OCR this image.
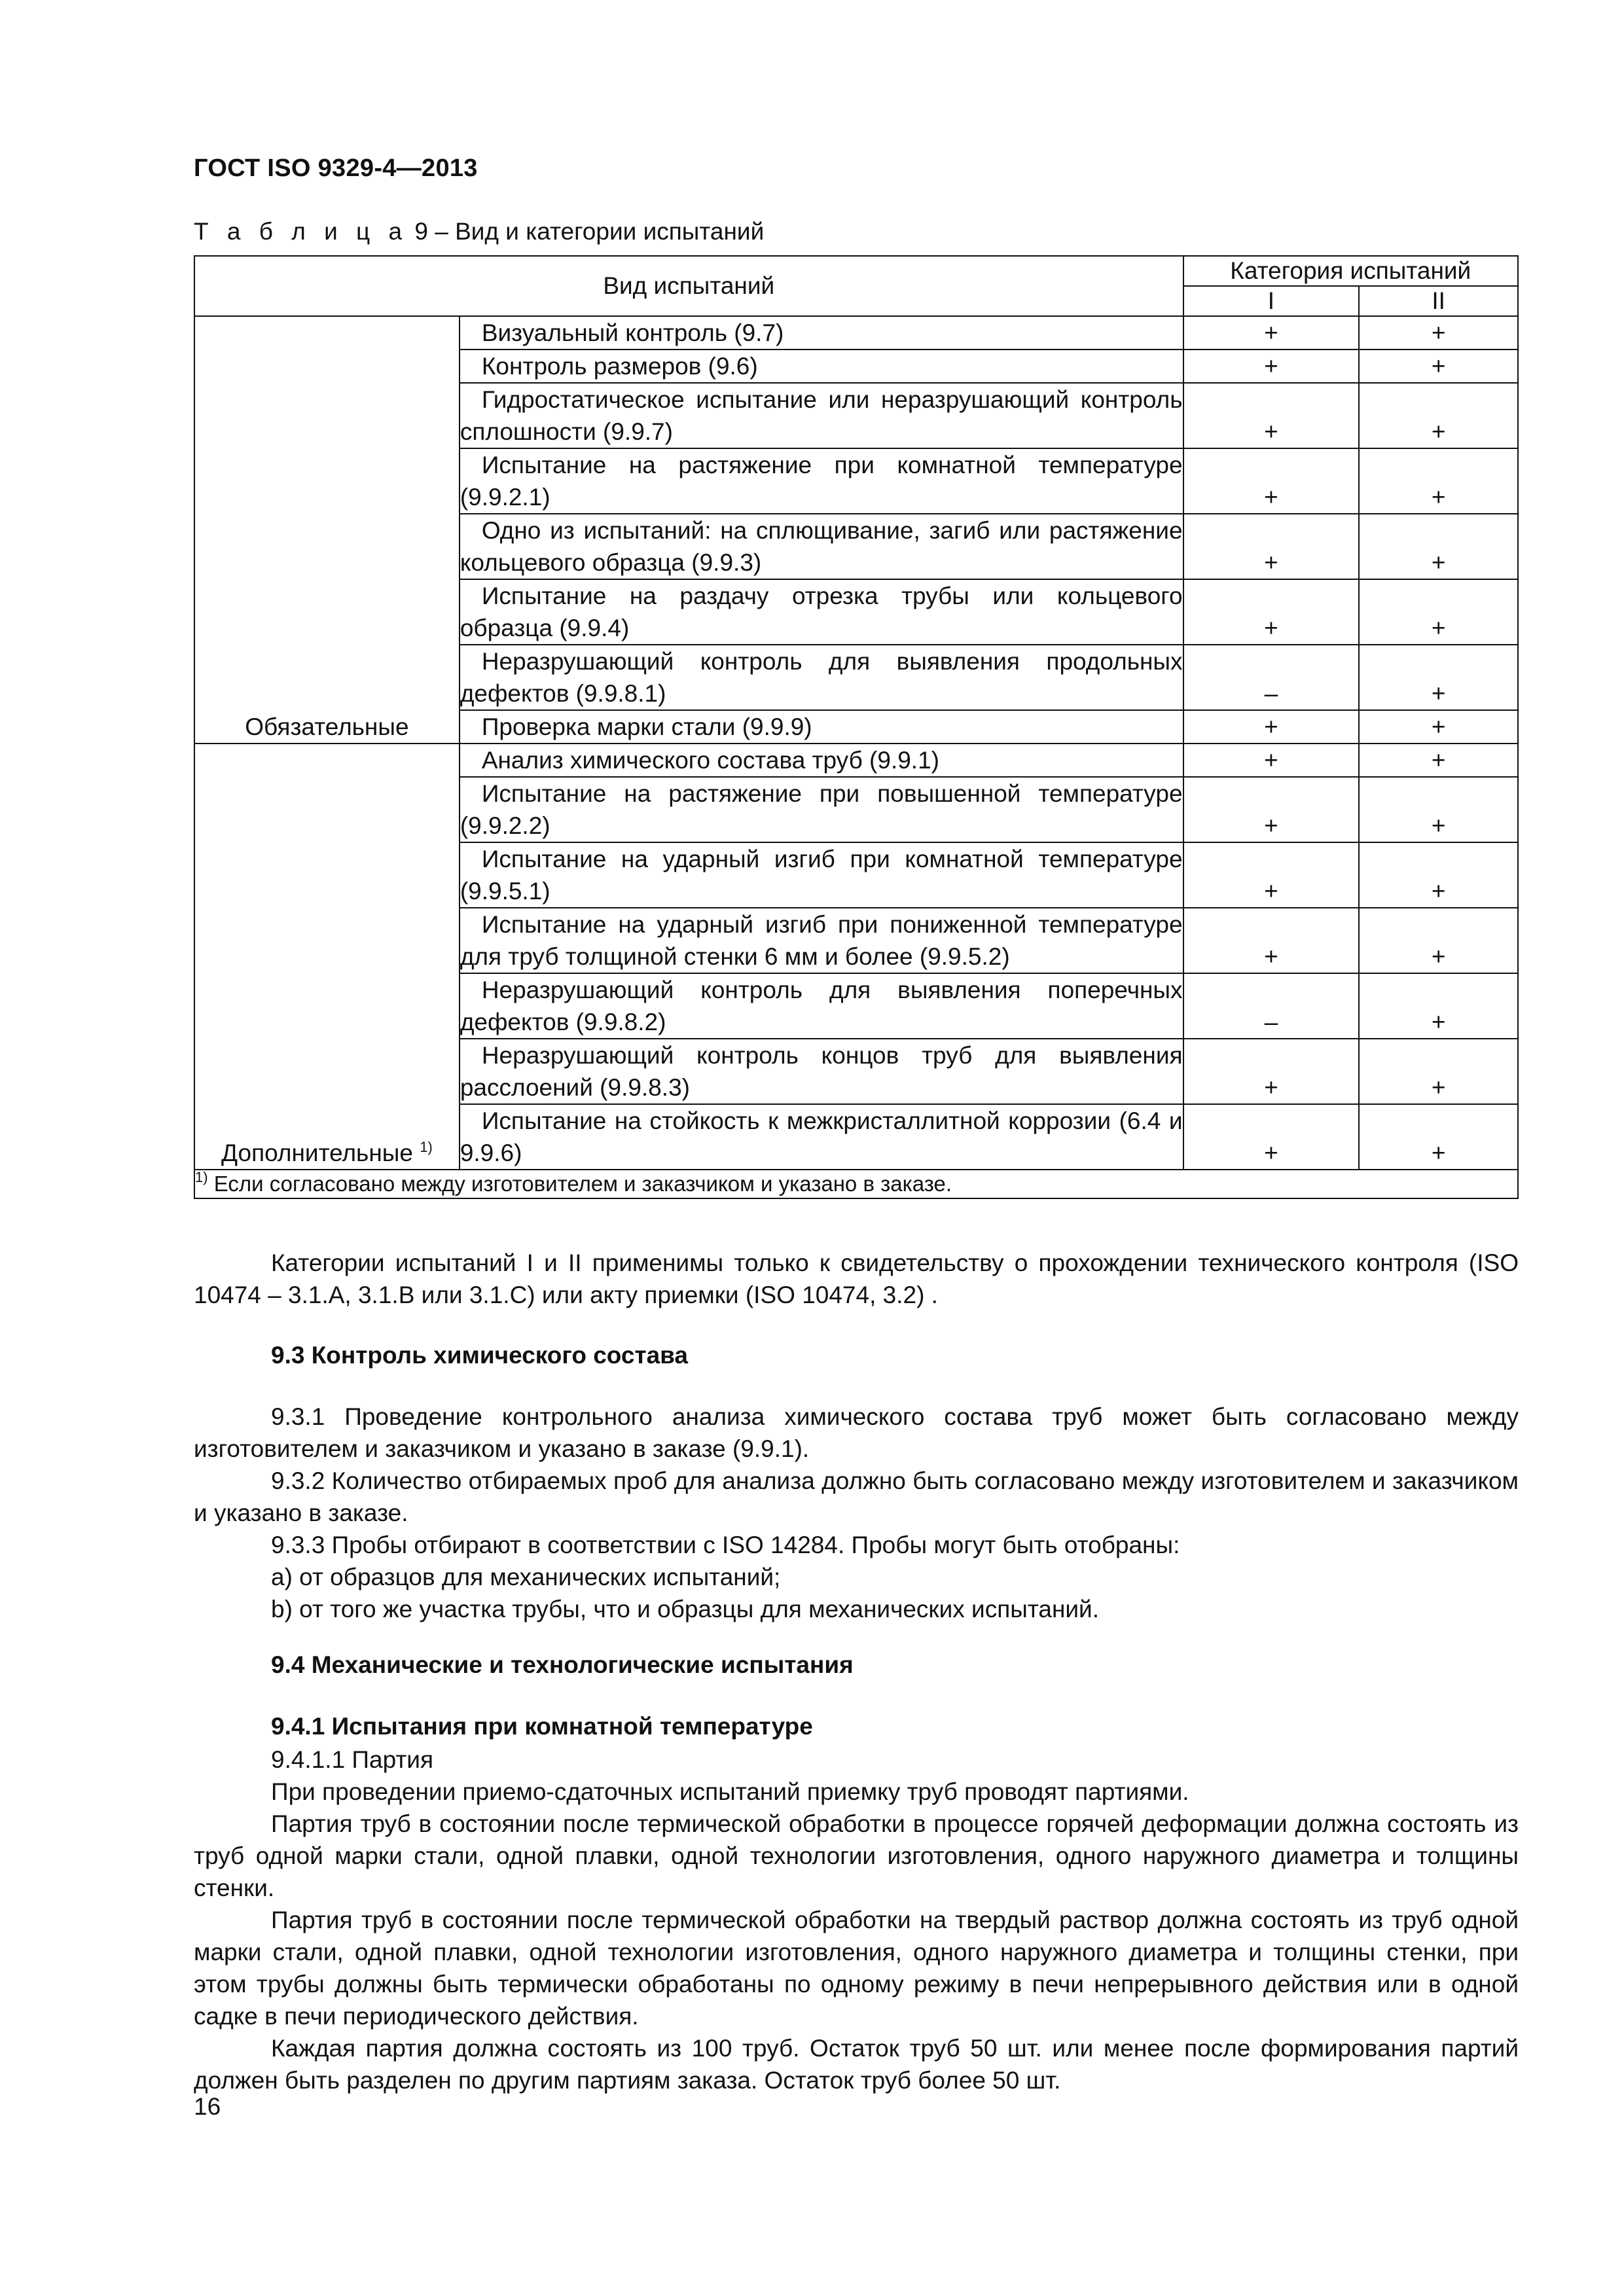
ГОСТ ISO 9329-4—2013
Т а б л и ц а 9 – Вид и категории испытаний
Вид испытаний		Категория испытаний	
		I	II
Обязательные	Визуальный контроль (9.7)	+	+
	Контроль размеров (9.6)	+	+
	Гидростатическое испытание или неразрушающий контроль сплошности (9.9.7)	+	+
	Испытание на растяжение при комнатной температуре (9.9.2.1)	+	+
	Одно из испытаний: на сплющивание, загиб или растяжение кольцевого образца (9.9.3)	+	+
	Испытание на раздачу отрезка трубы или кольцевого образца (9.9.4)	+	+
	Неразрушающий контроль для выявления продольных дефектов (9.9.8.1)	–	+
	Проверка марки стали (9.9.9)	+	+
Дополнительные $^{1)}$	Анализ химического состава труб (9.9.1)	+	+
	Испытание на растяжение при повышенной температуре (9.9.2.2)	+	+
	Испытание на ударный изгиб при комнатной температуре (9.9.5.1)	+	+
	Испытание на ударный изгиб при пониженной температуре для труб толщиной стенки 6 мм и более (9.9.5.2)	+	+
	Неразрушающий контроль для выявления поперечных дефектов (9.9.8.2)	–	+
	Неразрушающий контроль концов труб для выявления расслоений (9.9.8.3)	+	+
	Испытание на стойкость к межкристаллитной коррозии (6.4 и 9.9.6)	+	+
$^{1)}$ Если согласовано между изготовителем и заказчиком и указано в заказе.			
Категории испытаний I и II применимы только к свидетельству о прохождении технического контроля (ISO 10474 – 3.1.A, 3.1.B или 3.1.C) или акту приемки (ISO 10474, 3.2) .
9.3 Контроль химического состава
9.3.1 Проведение контрольного анализа химического состава труб может быть согласовано между изготовителем и заказчиком и указано в заказе (9.9.1).
9.3.2 Количество отбираемых проб для анализа должно быть согласовано между изготовителем и заказчиком и указано в заказе.
9.3.3 Пробы отбирают в соответствии с ISO 14284. Пробы могут быть отобраны:
а) от образцов для механических испытаний;
b) от того же участка трубы, что и образцы для механических испытаний.
9.4 Механические и технологические испытания
9.4.1 Испытания при комнатной температуре
9.4.1.1 Партия
При проведении приемо-сдаточных испытаний приемку труб проводят партиями.
Партия труб в состоянии после термической обработки в процессе горячей деформации должна состоять из труб одной марки стали, одной плавки, одной технологии изготовления, одного наружного диаметра и толщины стенки.
Партия труб в состоянии после термической обработки на твердый раствор должна состоять из труб одной марки стали, одной плавки, одной технологии изготовления, одного наружного диаметра и толщины стенки, при этом трубы должны быть термически обработаны по одному режиму в печи непрерывного действия или в одной садке в печи периодического действия.
Каждая партия должна состоять из 100 труб. Остаток труб 50 шт. или менее после формирования партий должен быть разделен по другим партиям заказа. Остаток труб более 50 шт.
16
